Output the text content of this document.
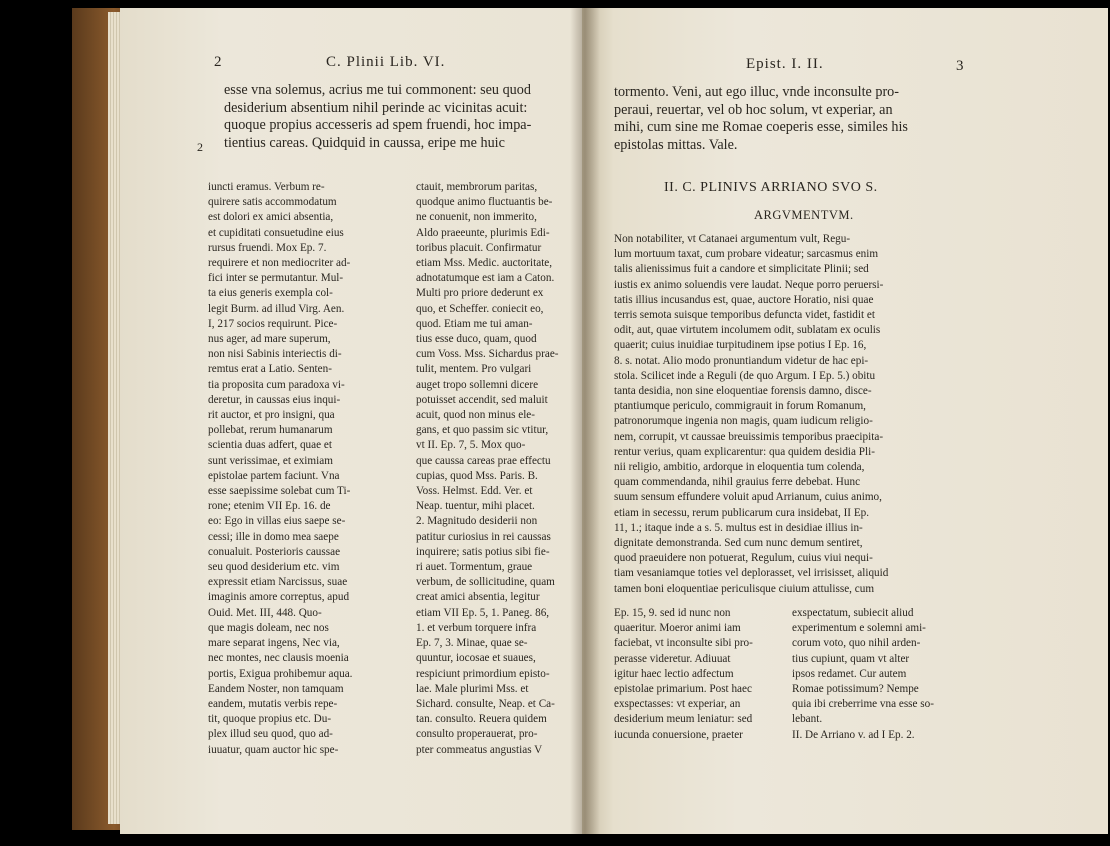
2	C. Plinii Lib. VI.
2
esse vna solemus, acrius me tui commonent: seu quod
desiderium absentium nihil perinde ac vicinitas acuit:
quoque propius accesseris ad spem fruendi, hoc impa-
tientius careas. Quidquid in caussa, eripe me huic
iuncti eramus. Verbum re-
quirere satis accommodatum
est dolori ex amici absentia,
et cupiditati consuetudine eius
rursus fruendi. Mox Ep. 7.
requirere et non mediocriter ad-
fici inter se permutantur. Mul-
ta eius generis exempla col-
legit Burm. ad illud Virg. Aen.
I, 217 socios requirunt. Pice-
nus ager, ad mare superum,
non nisi Sabinis interiectis di-
remtus erat a Latio. Senten-
tia proposita cum paradoxa vi-
deretur, in caussas eius inqui-
rit auctor, et pro insigni, qua
pollebat, rerum humanarum
scientia duas adfert, quae et
sunt verissimae, et eximiam
epistolae partem faciunt. Vna
esse saepissime solebat cum Ti-
rone; etenim VII Ep. 16. de
eo: Ego in villas eius saepe se-
cessi; ille in domo mea saepe
conualuit. Posterioris caussae
seu quod desiderium etc. vim
expressit etiam Narcissus, suae
imaginis amore correptus, apud
Ouid. Met. III, 448. Quo-
que magis doleam, nec nos
mare separat ingens, Nec via,
nec montes, nec clausis moenia
portis, Exigua prohibemur aqua.
Eandem Noster, non tamquam
eandem, mutatis verbis repe-
tit, quoque propius etc. Du-
plex illud seu quod, quo ad-
iuuatur, quam auctor hic spe-
ctauit, membrorum paritas,
quodque animo fluctuantis be-
ne conuenit, non immerito,
Aldo praeeunte, plurimis Edi-
toribus placuit. Confirmatur
etiam Mss. Medic. auctoritate,
adnotatumque est iam a Caton.
Multi pro priore dederunt ex
quo, et Scheffer. coniecit eo,
quod. Etiam me tui aman-
tius esse duco, quam, quod
cum Voss. Mss. Sichardus prae-
tulit, mentem. Pro vulgari
auget tropo sollemni dicere
potuisset accendit, sed maluit
acuit, quod non minus ele-
gans, et quo passim sic vtitur,
vt II. Ep. 7, 5. Mox quo-
que caussa careas prae effectu
cupias, quod Mss. Paris. B.
Voss. Helmst. Edd. Ver. et
Neap. tuentur, mihi placet.
2. Magnitudo desiderii non
patitur curiosius in rei caussas
inquirere; satis potius sibi fie-
ri auet. Tormentum, graue
verbum, de sollicitudine, quam
creat amici absentia, legitur
etiam VII Ep. 5, 1. Paneg. 86,
1. et verbum torquere infra
Ep. 7, 3. Minae, quae se-
quuntur, iocosae et suaues,
respiciunt primordium episto-
lae. Male plurimi Mss. et
Sichard. consulte, Neap. et Ca-
tan. consulto. Reuera quidem
consulto properauerat, pro-
pter commeatus angustias V
Epist. I. II.	3
tormento. Veni, aut ego illuc, vnde inconsulte pro-
peraui, reuertar, vel ob hoc solum, vt experiar, an
mihi, cum sine me Romae coeperis esse, similes his
epistolas mittas. Vale.
II. C. PLINIVS ARRIANO SVO S.
ARGVMENTVM.
Non notabiliter, vt Catanaei argumentum vult, Regu-
lum mortuum taxat, cum probare videatur; sarcasmus enim
talis alienissimus fuit a candore et simplicitate Plinii; sed
iustis ex animo soluendis vere laudat. Neque porro peruersi-
tatis illius incusandus est, quae, auctore Horatio, nisi quae
terris semota suisque temporibus defuncta videt, fastidit et
odit, aut, quae virtutem incolumem odit, sublatam ex oculis
quaerit; cuius inuidiae turpitudinem ipse potius I Ep. 16,
8. s. notat. Alio modo pronuntiandum videtur de hac epi-
stola. Scilicet inde a Reguli (de quo Argum. I Ep. 5.) obitu
tanta desidia, non sine eloquentiae forensis damno, disce-
ptantiumque periculo, commigrauit in forum Romanum,
patronorumque ingenia non magis, quam iudicum religio-
nem, corrupit, vt caussae breuissimis temporibus praecipita-
rentur verius, quam explicarentur: qua quidem desidia Pli-
nii religio, ambitio, ardorque in eloquentia tum colenda,
quam commendanda, nihil grauius ferre debebat. Hunc
suum sensum effundere voluit apud Arrianum, cuius animo,
etiam in secessu, rerum publicarum cura insidebat, II Ep.
11, 1.; itaque inde a s. 5. multus est in desidiae illius in-
dignitate demonstranda. Sed cum nunc demum sentiret,
quod praeuidere non potuerat, Regulum, cuius viui nequi-
tiam vesaniamque toties vel deplorasset, vel irrisisset, aliquid
tamen boni eloquentiae periculisque ciuium attulisse, cum
Ep. 15, 9. sed id nunc non
quaeritur. Moeror animi iam
faciebat, vt inconsulte sibi pro-
perasse videretur. Adiuuat
igitur haec lectio adfectum
epistolae primarium. Post haec
exspectasses: vt experiar, an
desiderium meum leniatur: sed
iucunda conuersione, praeter
exspectatum, subiecit aliud
experimentum e solemni ami-
corum voto, quo nihil arden-
tius cupiunt, quam vt alter
ipsos redamet. Cur autem
Romae potissimum? Nempe
quia ibi creberrime vna esse so-
lebant.
II. De Arriano v. ad I Ep. 2.
